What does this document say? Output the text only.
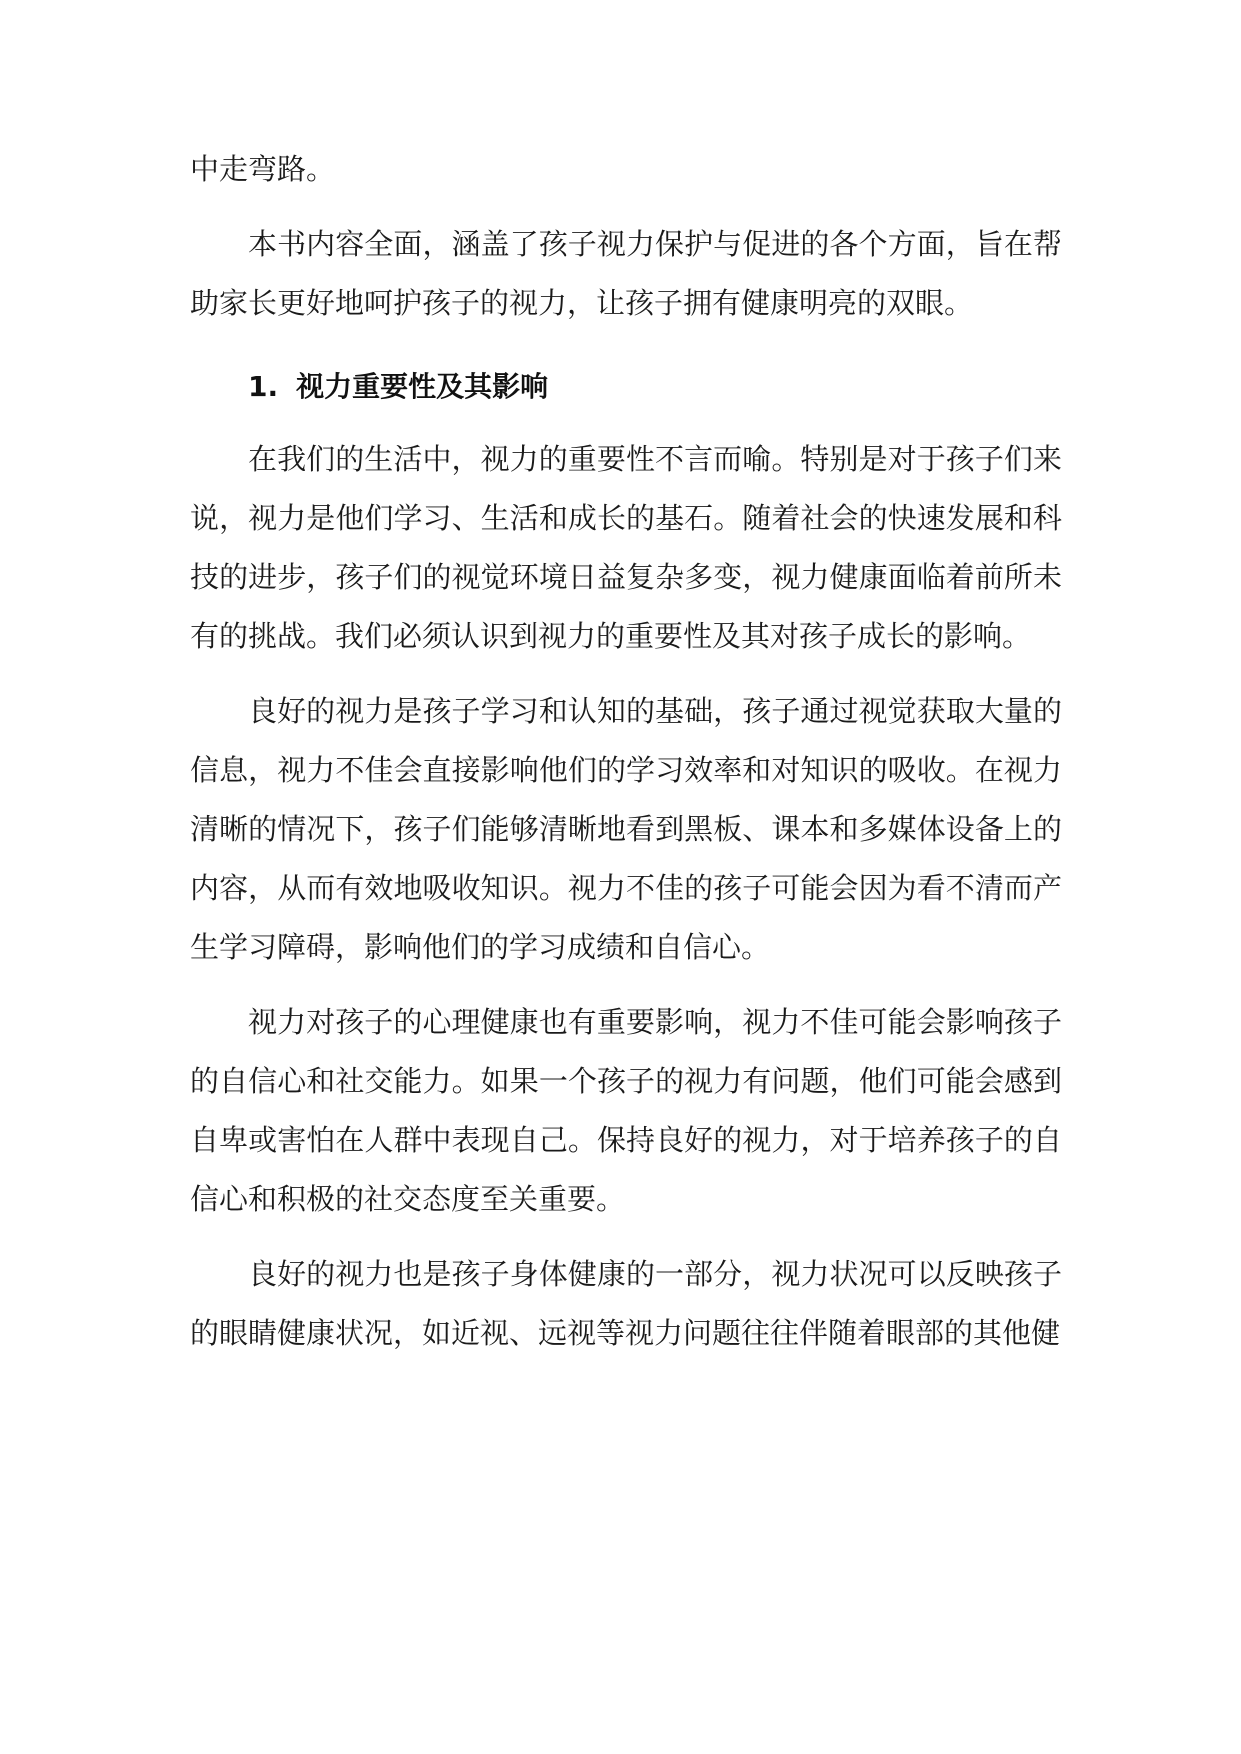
中走弯路。

本书内容全面，涵盖了孩子视力保护与促进的各个方面，旨在帮助家长更好地呵护孩子的视力，让孩子拥有健康明亮的双眼。

1. 视力重要性及其影响

在我们的生活中，视力的重要性不言而喻。特别是对于孩子们来说，视力是他们学习、生活和成长的基石。随着社会的快速发展和科技的进步，孩子们的视觉环境日益复杂多变，视力健康面临着前所未有的挑战。我们必须认识到视力的重要性及其对孩子成长的影响。

良好的视力是孩子学习和认知的基础，孩子通过视觉获取大量的信息，视力不佳会直接影响他们的学习效率和对知识的吸收。在视力清晰的情况下，孩子们能够清晰地看到黑板、课本和多媒体设备上的内容，从而有效地吸收知识。视力不佳的孩子可能会因为看不清而产生学习障碍，影响他们的学习成绩和自信心。

视力对孩子的心理健康也有重要影响，视力不佳可能会影响孩子的自信心和社交能力。如果一个孩子的视力有问题，他们可能会感到自卑或害怕在人群中表现自己。保持良好的视力，对于培养孩子的自信心和积极的社交态度至关重要。

良好的视力也是孩子身体健康的一部分，视力状况可以反映孩子的眼睛健康状况，如近视、远视等视力问题往往伴随着眼部的其他健
